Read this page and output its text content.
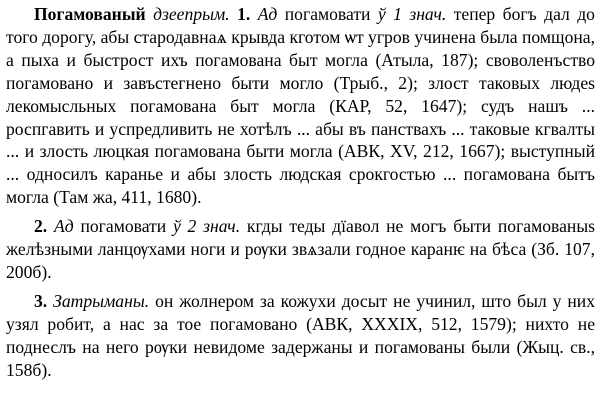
Погамованый дзеепрым. 1. Ад погамовати ў 1 знач. тепер богъ дал до того дорогу, абы стародавнаѧ крывда кготом ѡт угров учинена была помщона, а пыха и быстрост ихъ погамована быт могла (Атыла, 187); своволенъство погамовано и завъстегнено быти могло (Трыб., 2); злост таковых людеѕ лекомысльных погамована быт могла (КАР, 52, 1647); судъ нашъ ... роспгавить и успредливить не хотѣлъ ... абы въ панствахъ ... таковые кгвалты ... и злость люцкая погамована быти могла (АВК, XV, 212, 1667); выступный ... односилъ каранье и абы злость людская срокгостью ... погамована бытъ могла (Там жа, 411, 1680).

2. Ад погамовати ў 2 знач. кгды теды дїавол не могъ быти погамованыѕ желѣзными ланцѹхами ноги и рѹки звѧзали годное каранѥ на бѣса (Зб. 107, 200б).

3. Затрыманы. он жолнером за кожухи досыт не учинил, што был у них узял робит, а нас за тое погамовано (АВК, XXXIX, 512, 1579); нихто не поднеслъ на него рѹки невидоме задержаны и погамованы были (Жыц. св., 158б).
